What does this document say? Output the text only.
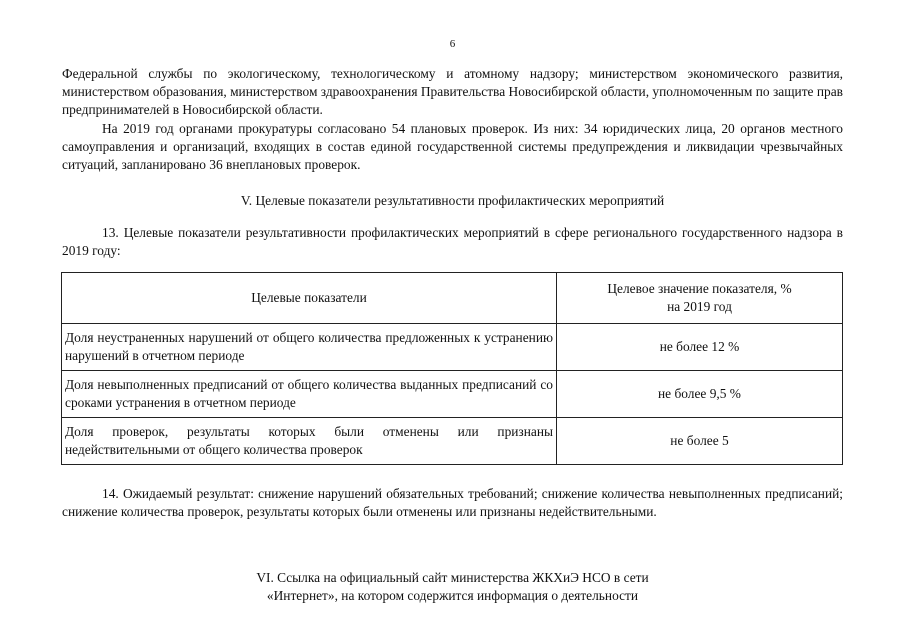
6

Федеральной службы по экологическому, технологическому и атомному надзору; министерством экономического развития, министерством образования, министерством здравоохранения Правительства Новосибирской области, уполномоченным по защите прав предпринимателей в Новосибирской области.

На 2019 год органами прокуратуры согласовано 54 плановых проверок. Из них: 34 юридических лица, 20 органов местного самоуправления и организаций, входящих в состав единой государственной системы предупреждения и ликвидации чрезвычайных ситуаций, запланировано 36 внеплановых проверок.

V. Целевые показатели результативности профилактических мероприятий

13. Целевые показатели результативности профилактических мероприятий в сфере регионального государственного надзора в 2019 году:

Целевые показатели	Целевое значение показателя, %
на 2019 год

Доля неустраненных нарушений от общего количества предложенных к устранению нарушений в отчетном периоде	не более 12 %
Доля невыполненных предписаний от общего количества выданных предписаний со сроками устранения в отчетном периоде	не более 9,5 %
Доля проверок, результаты которых были отменены или признаны недействительными от общего количества проверок	не более 5

14. Ожидаемый результат: снижение нарушений обязательных требований; снижение количества невыполненных предписаний; снижение количества проверок, результаты которых были отменены или признаны недействительными.

VI. Ссылка на официальный сайт министерства ЖКХиЭ НСО в сети
«Интернет», на котором содержится информация о деятельности
